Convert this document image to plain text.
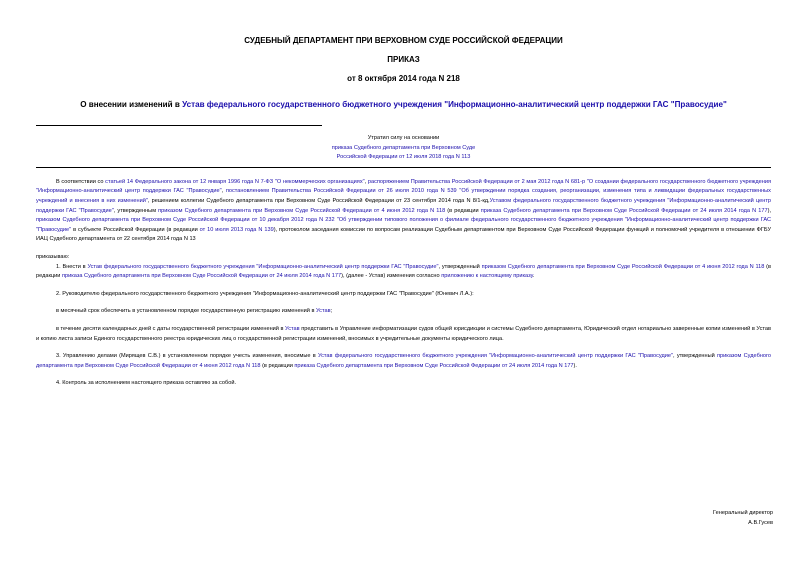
СУДЕБНЫЙ ДЕПАРТАМЕНТ ПРИ ВЕРХОВНОМ СУДЕ РОССИЙСКОЙ ФЕДЕРАЦИИ
ПРИКАЗ
от 8 октября 2014 года N 218
О внесении изменений в Устав федерального государственного бюджетного учреждения "Информационно-аналитический центр поддержки ГАС "Правосудие"
Утратил силу на основании
приказа Судебного департамента при Верховном Суде
Российской Федерации от 12 июля 2018 года N 113

В соответствии со статьей 14 Федерального закона от 12 января 1996 года N 7-ФЗ "О некоммерческих организациях", распоряжением Правительства Российской Федерации от 2 мая 2012 года N 681-р "О создании федерального государственного бюджетного учреждения "Информационно-аналитический центр поддержки ГАС "Правосудие", постановлением Правительства Российской Федерации от 26 июля 2010 года N 539 "Об утверждении порядка создания, реорганизации, изменения типа и ликвидации федеральных государственных учреждений и внесения в них изменений", решением коллегии Судебного департамента при Верховном Суде Российской Федерации от 23 сентября 2014 года N 8/1-кд,Уставом федерального государственного бюджетного учреждения "Информационно-аналитический центр поддержки ГАС "Правосудие", утвержденным приказом Судебного департамента при Верховном Суде Российской Федерации от 4 июня 2012 года N 118 (в редакции приказа Судебного департамента при Верховном Суде Российской Федерации от 24 июля 2014 года N 177), приказом Судебного департамента при Верховном Суде Российской Федерации от 10 декабря 2012 года N 232 "Об утверждении типового положения о филиале федерального государственного бюджетного учреждения "Информационно-аналитический центр поддержки ГАС "Правосудие" в субъекте Российской Федерации (в редакции от 10 июля 2013 года N 139), протоколом заседания комиссии по вопросам реализации Судебным департаментом при Верховном Суде Российской Федерации функций и полномочий учредителя в отношении ФГБУ ИАЦ Судебного департамента от 22 сентября 2014 года N 13

приказываю:

1. Внести в Устав федерального государственного бюджетного учреждения "Информационно-аналитический центр поддержки ГАС "Правосудие", утвержденный приказом Судебного департамента при Верховном Суде Российской Федерации от 4 июня 2012 года N 118 (в редакции приказа Судебного департамента при Верховном Суде Российской Федерации от 24 июля 2014 года N 177), (далее - Устав) изменения согласно приложению к настоящему приказу.

2. Руководителю федерального государственного бюджетного учреждения "Информационно-аналитический центр поддержки ГАС "Правосудие" (Юневич Л.А.):

в месячный срок обеспечить в установленном порядке государственную регистрацию изменений в Устав;

в течение десяти календарных дней с даты государственной регистрации изменений в Устав представить в Управление информатизации судов общей юрисдикции и системы Судебного департамента, Юридический отдел нотариально заверенные копии изменений в Устав и копию листа записи Единого государственного реестра юридических лиц о государственной регистрации изменений, вносимых в учредительные документы юридического лица.

3. Управлению делами (Мирящев С.В.) в установленном порядке учесть изменения, вносимые в Устав федерального государственного бюджетного учреждения "Информационно-аналитический центр поддержки ГАС "Правосудие", утвержденный приказом Судебного департамента при Верховном Суде Российской Федерации от 4 июня 2012 года N 118 (в редакции приказа Судебного департамента при Верховном Суде Российской Федерации от 24 июля 2014 года N 177).

4. Контроль за исполнением настоящего приказа оставляю за собой.

Генеральный директор
А.В.Гусев
